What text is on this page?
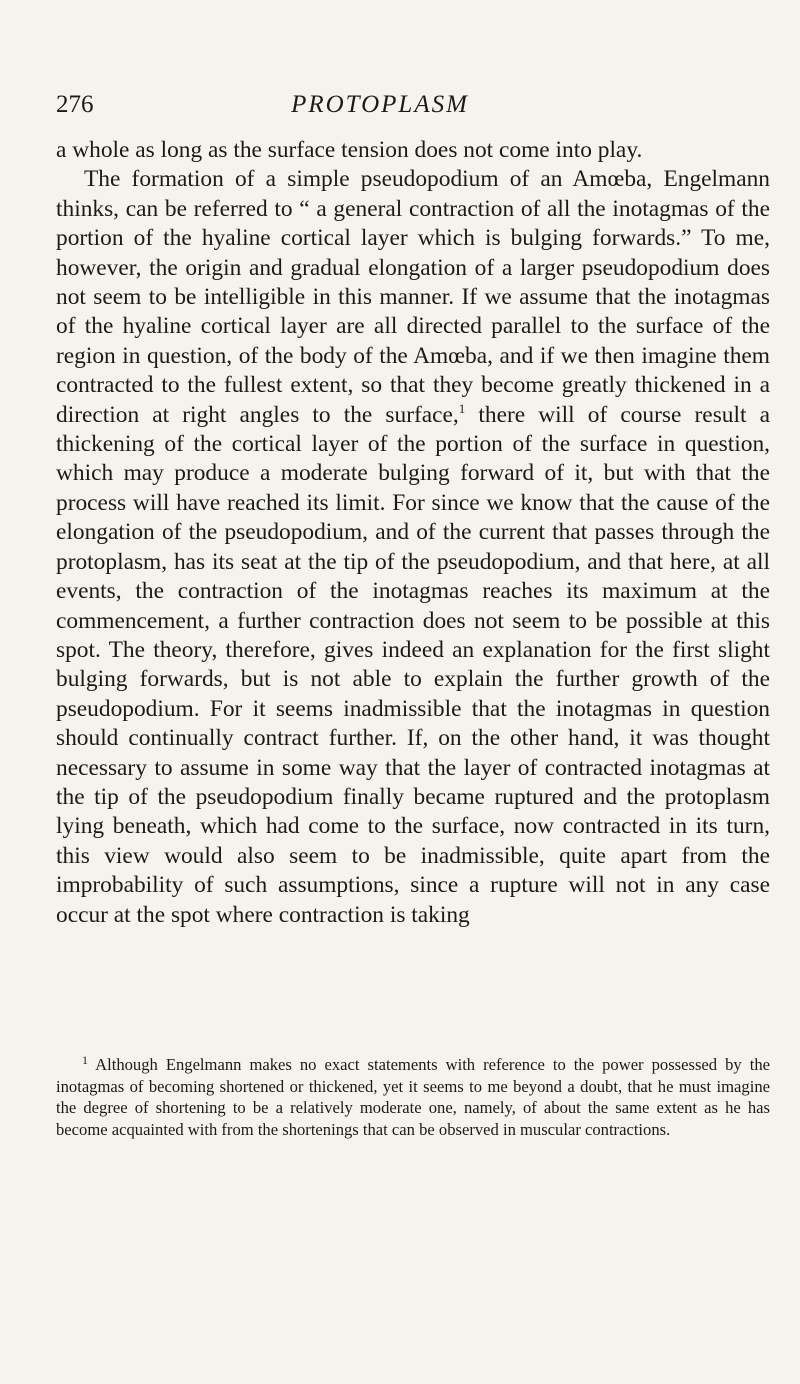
276	PROTOPLASM

a whole as long as the surface tension does not come into play.

The formation of a simple pseudopodium of an Amœba, Engelmann thinks, can be referred to “ a general contraction of all the inotagmas of the portion of the hyaline cortical layer which is bulging forwards.” To me, however, the origin and gradual elongation of a larger pseudopodium does not seem to be intelligible in this manner. If we assume that the inotagmas of the hyaline cortical layer are all directed parallel to the surface of the region in question, of the body of the Amœba, and if we then imagine them contracted to the fullest extent, so that they become greatly thickened in a direction at right angles to the surface,$^1$ there will of course result a thickening of the cortical layer of the portion of the surface in question, which may produce a moderate bulging forward of it, but with that the process will have reached its limit. For since we know that the cause of the elongation of the pseudopodium, and of the current that passes through the protoplasm, has its seat at the tip of the pseudopodium, and that here, at all events, the contraction of the inotagmas reaches its maximum at the commencement, a further contraction does not seem to be possible at this spot. The theory, therefore, gives indeed an explanation for the first slight bulging forwards, but is not able to explain the further growth of the pseudopodium. For it seems inadmissible that the inotagmas in question should continually contract further. If, on the other hand, it was thought necessary to assume in some way that the layer of contracted inotagmas at the tip of the pseudopodium finally became ruptured and the protoplasm lying beneath, which had come to the surface, now contracted in its turn, this view would also seem to be inadmissible, quite apart from the improbability of such assumptions, since a rupture will not in any case occur at the spot where contraction is taking

$^1$ Although Engelmann makes no exact statements with reference to the power possessed by the inotagmas of becoming shortened or thickened, yet it seems to me beyond a doubt, that he must imagine the degree of shortening to be a relatively moderate one, namely, of about the same extent as he has become acquainted with from the shortenings that can be observed in muscular contractions.
